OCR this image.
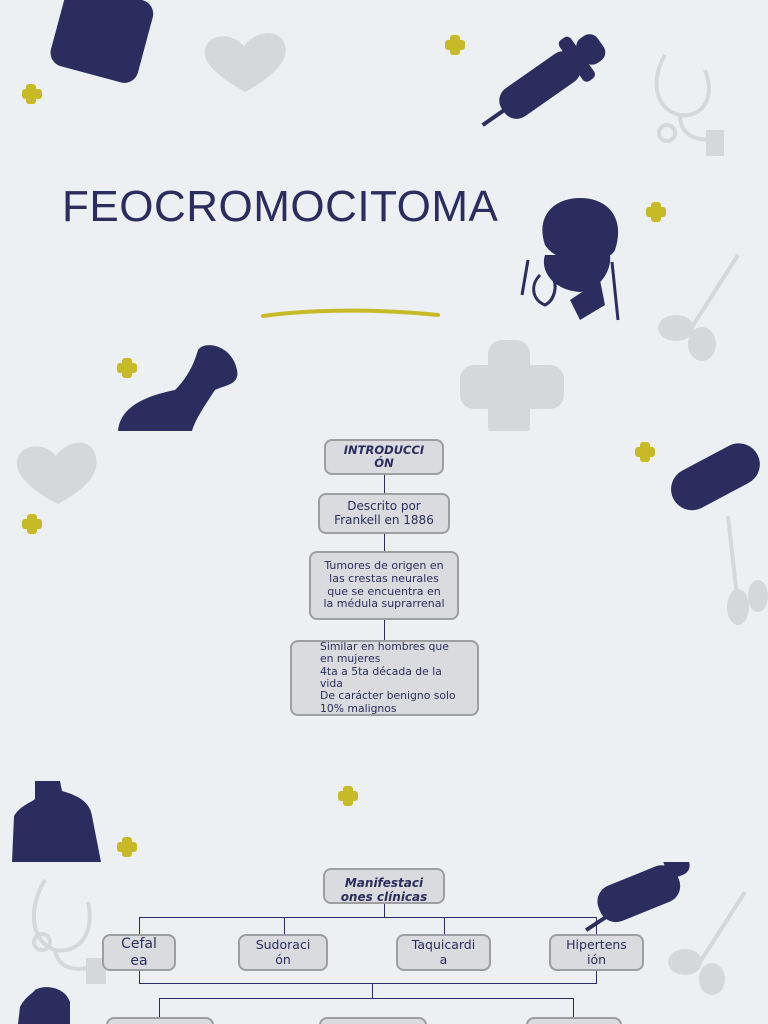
FEOCROMOCITOMA
INTRODUCCI ÓN
Descrito por Frankell en 1886
Tumores de origen en las crestas neurales que se encuentra en la médula suprarrenal
Similar en hombres que en mujeres
4ta a 5ta década de la vida
De carácter benigno solo 10% malignos
Manifestaci ones clínicas
Cefal ea
Sudoraci ón
Taquicardi a
Hipertens ión
